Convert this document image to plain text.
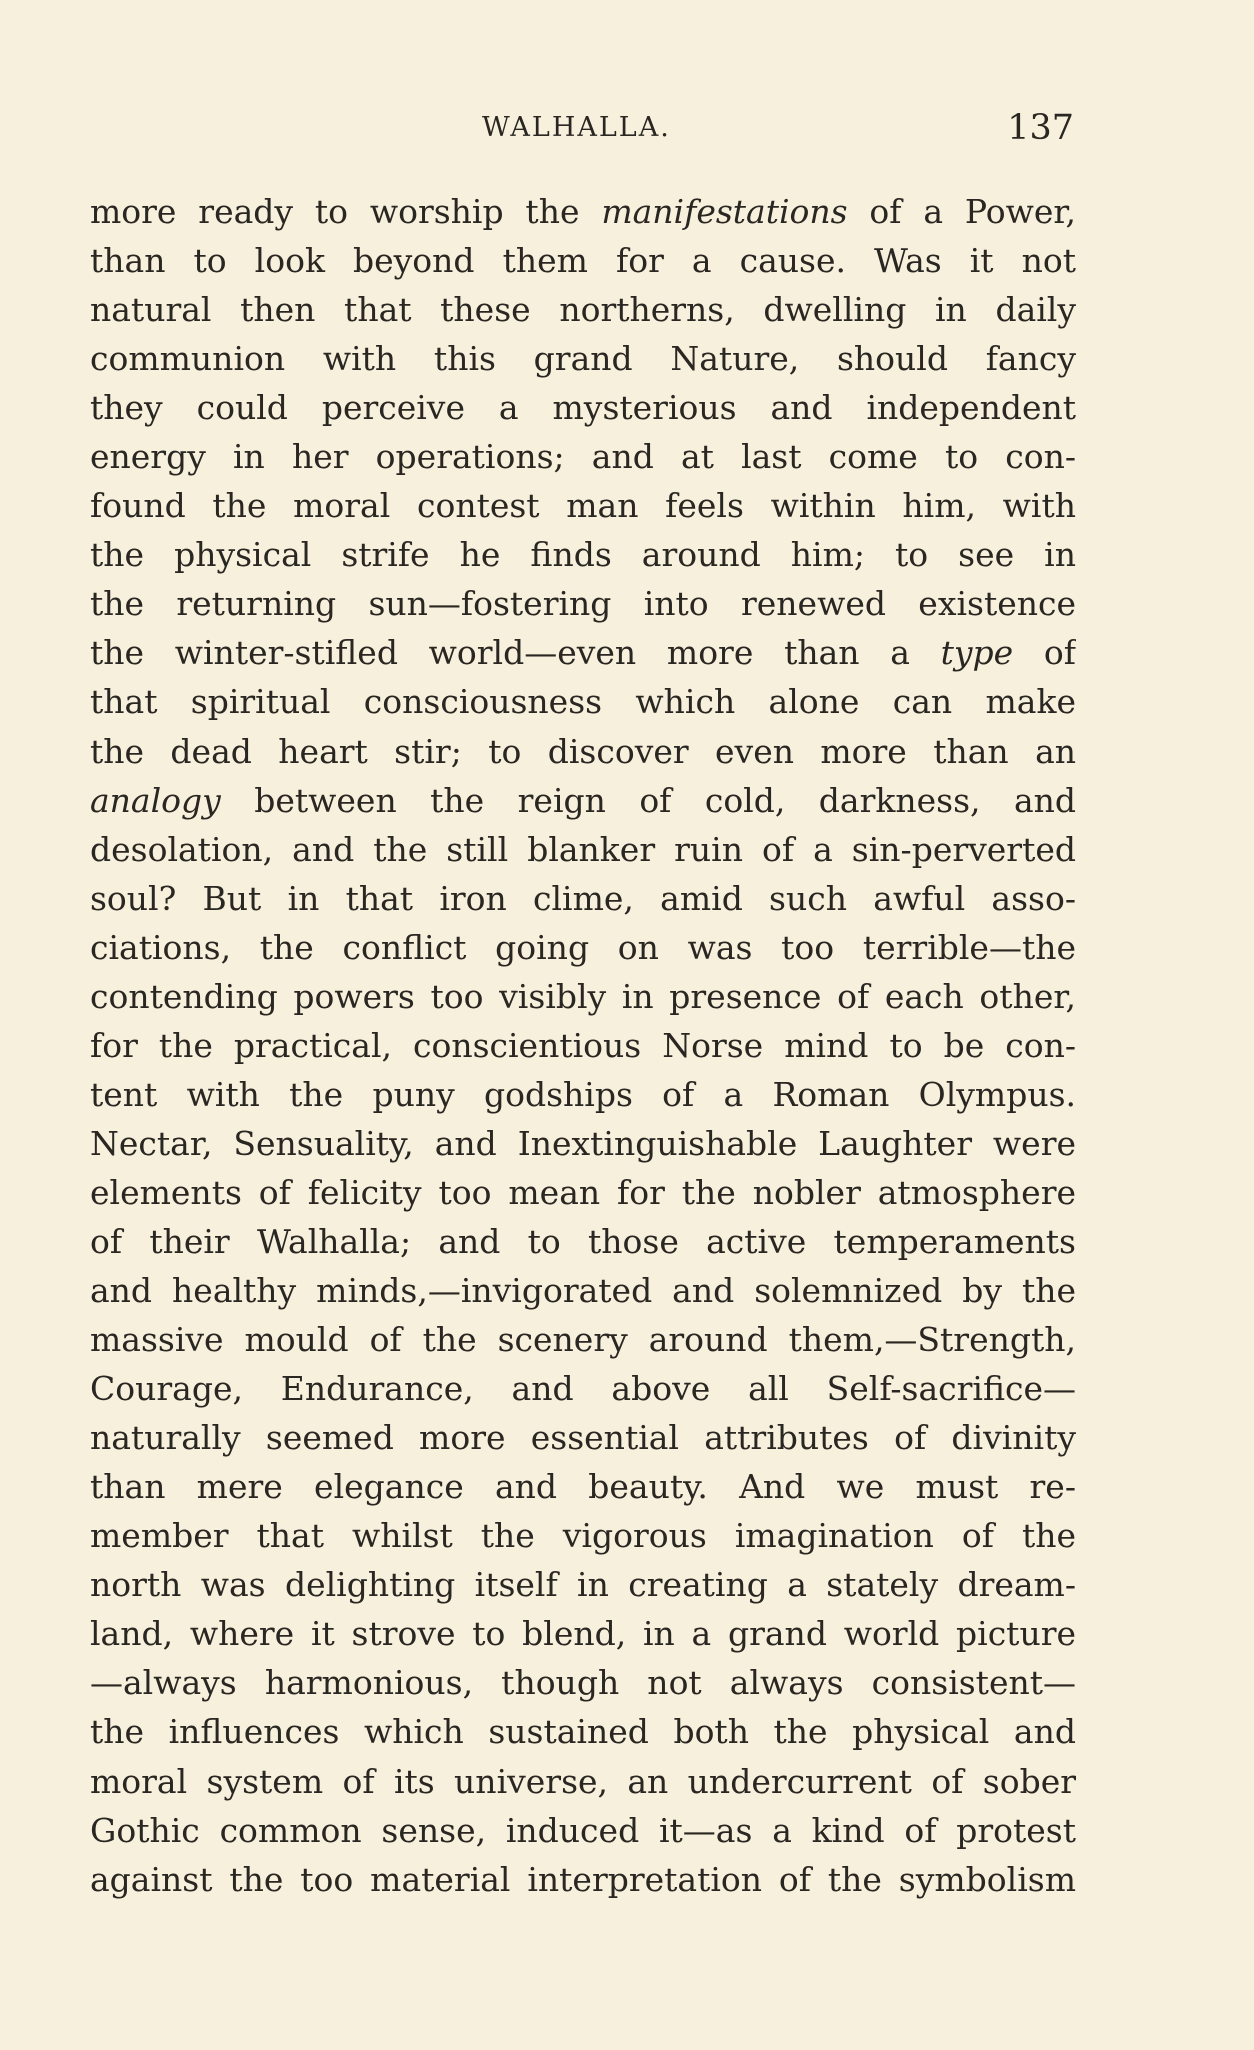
WALHALLA.	137
more ready to worship the manifestations of a Power,
than to look beyond them for a cause. Was it not
natural then that these northerns, dwelling in daily
communion with this grand Nature, should fancy
they could perceive a mysterious and independent
energy in her operations; and at last come to con-
found the moral contest man feels within him, with
the physical strife he finds around him; to see in
the returning sun—fostering into renewed existence
the winter-stifled world—even more than a type of
that spiritual consciousness which alone can make
the dead heart stir; to discover even more than an
analogy between the reign of cold, darkness, and
desolation, and the still blanker ruin of a sin-perverted
soul? But in that iron clime, amid such awful asso-
ciations, the conflict going on was too terrible—the
contending powers too visibly in presence of each other,
for the practical, conscientious Norse mind to be con-
tent with the puny godships of a Roman Olympus.
Nectar, Sensuality, and Inextinguishable Laughter were
elements of felicity too mean for the nobler atmosphere
of their Walhalla; and to those active temperaments
and healthy minds,—invigorated and solemnized by the
massive mould of the scenery around them,—Strength,
Courage, Endurance, and above all Self-sacrifice—
naturally seemed more essential attributes of divinity
than mere elegance and beauty. And we must re-
member that whilst the vigorous imagination of the
north was delighting itself in creating a stately dream-
land, where it strove to blend, in a grand world picture
—always harmonious, though not always consistent—
the influences which sustained both the physical and
moral system of its universe, an undercurrent of sober
Gothic common sense, induced it—as a kind of protest
against the too material interpretation of the symbolism
